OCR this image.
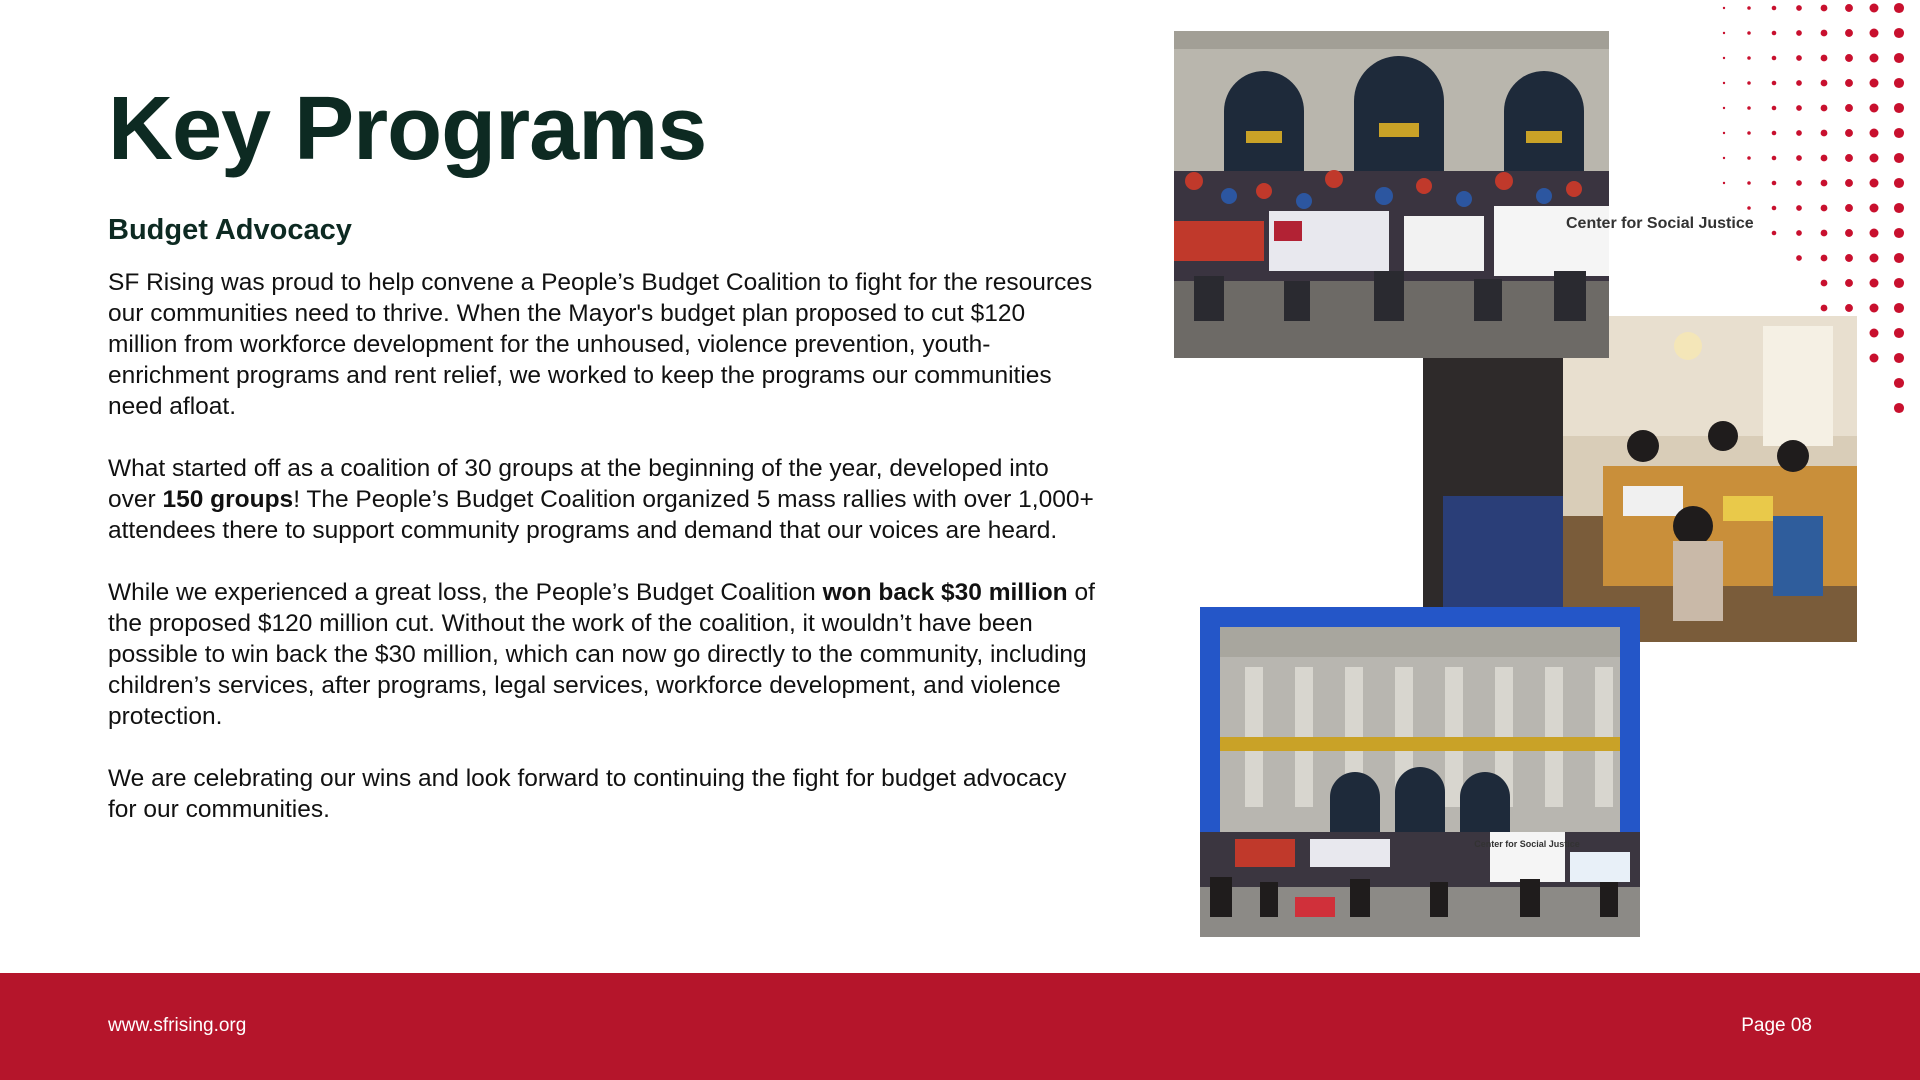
Key Programs
Budget Advocacy

SF Rising was proud to help convene a People’s Budget Coalition to fight for the resources our communities need to thrive. When the Mayor's budget plan proposed to cut $120 million from workforce development for the unhoused, violence prevention, youth-enrichment programs and rent relief, we worked to keep the programs our communities need afloat.

What started off as a coalition of 30 groups at the beginning of the year, developed into over 150 groups! The People’s Budget Coalition organized 5 mass rallies with over 1,000+ attendees there to support community programs and demand that our voices are heard.

While we experienced a great loss, the People’s Budget Coalition won back $30 million of the proposed $120 million cut. Without the work of the coalition, it wouldn’t have been possible to win back the $30 million, which can now go directly to the community, including children’s services, after programs, legal services, workforce development, and violence protection.

We are celebrating our wins and look forward to continuing the fight for budget advocacy for our communities.

Center for Social Justice
Center for Social Justice
www.sfrising.org	Page 08
